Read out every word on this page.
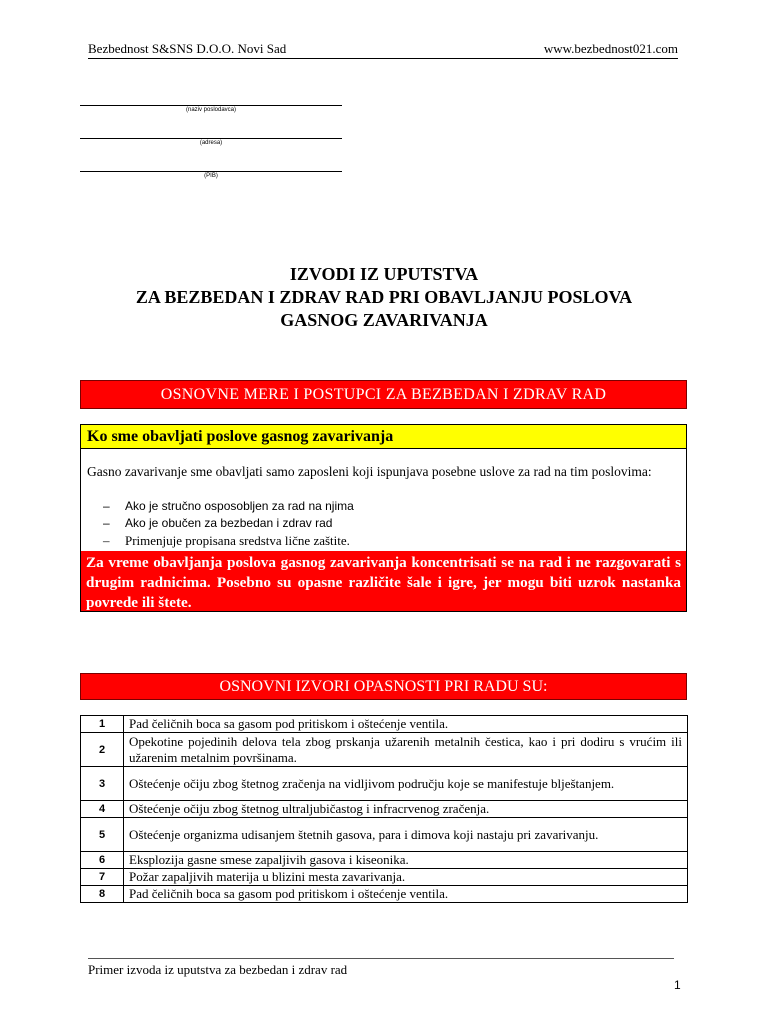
Bezbednost S&SNS D.O.O. Novi Sad	www.bezbednost021.com
(naziv poslodavca)
(adresa)
(PIB)
IZVODI IZ UPUTSTVA
ZA BEZBEDAN I ZDRAV RAD PRI OBAVLJANJU POSLOVA
GASNOG ZAVARIVANJA
OSNOVNE MERE I POSTUPCI ZA BEZBEDAN I ZDRAV RAD
Ko sme obavljati poslove gasnog zavarivanja
Gasno zavarivanje sme obavljati samo zaposleni koji ispunjava posebne uslove za rad na tim poslovima:
– Ako je stručno osposobljen za rad na njima
– Ako je obučen za bezbedan i zdrav rad
– Primenjuje propisana sredstva lične zaštite.
Za vreme obavljanja poslova gasnog zavarivanja koncentrisati se na rad i ne razgovarati s drugim radnicima. Posebno su opasne različite šale i igre, jer mogu biti uzrok nastanka povrede ili štete.
OSNOVNI IZVORI OPASNOSTI PRI RADU SU:
1	Pad čeličnih boca sa gasom pod pritiskom i oštećenje ventila.
2	Opekotine pojedinih delova tela zbog prskanja užarenih metalnih čestica, kao i pri dodiru s vrućim ili užarenim metalnim površinama.
3	Oštećenje očiju zbog štetnog zračenja na vidljivom području koje se manifestuje blještanjem.
4	Oštećenje očiju zbog štetnog ultraljubičastog i infracrvenog zračenja.
5	Oštećenje organizma udisanjem štetnih gasova, para i dimova koji nastaju pri zavarivanju.
6	Eksplozija gasne smese zapaljivih gasova i kiseonika.
7	Požar zapaljivih materija u blizini mesta zavarivanja.
8	Pad čeličnih boca sa gasom pod pritiskom i oštećenje ventila.
Primer izvoda iz uputstva za bezbedan i zdrav rad
1
